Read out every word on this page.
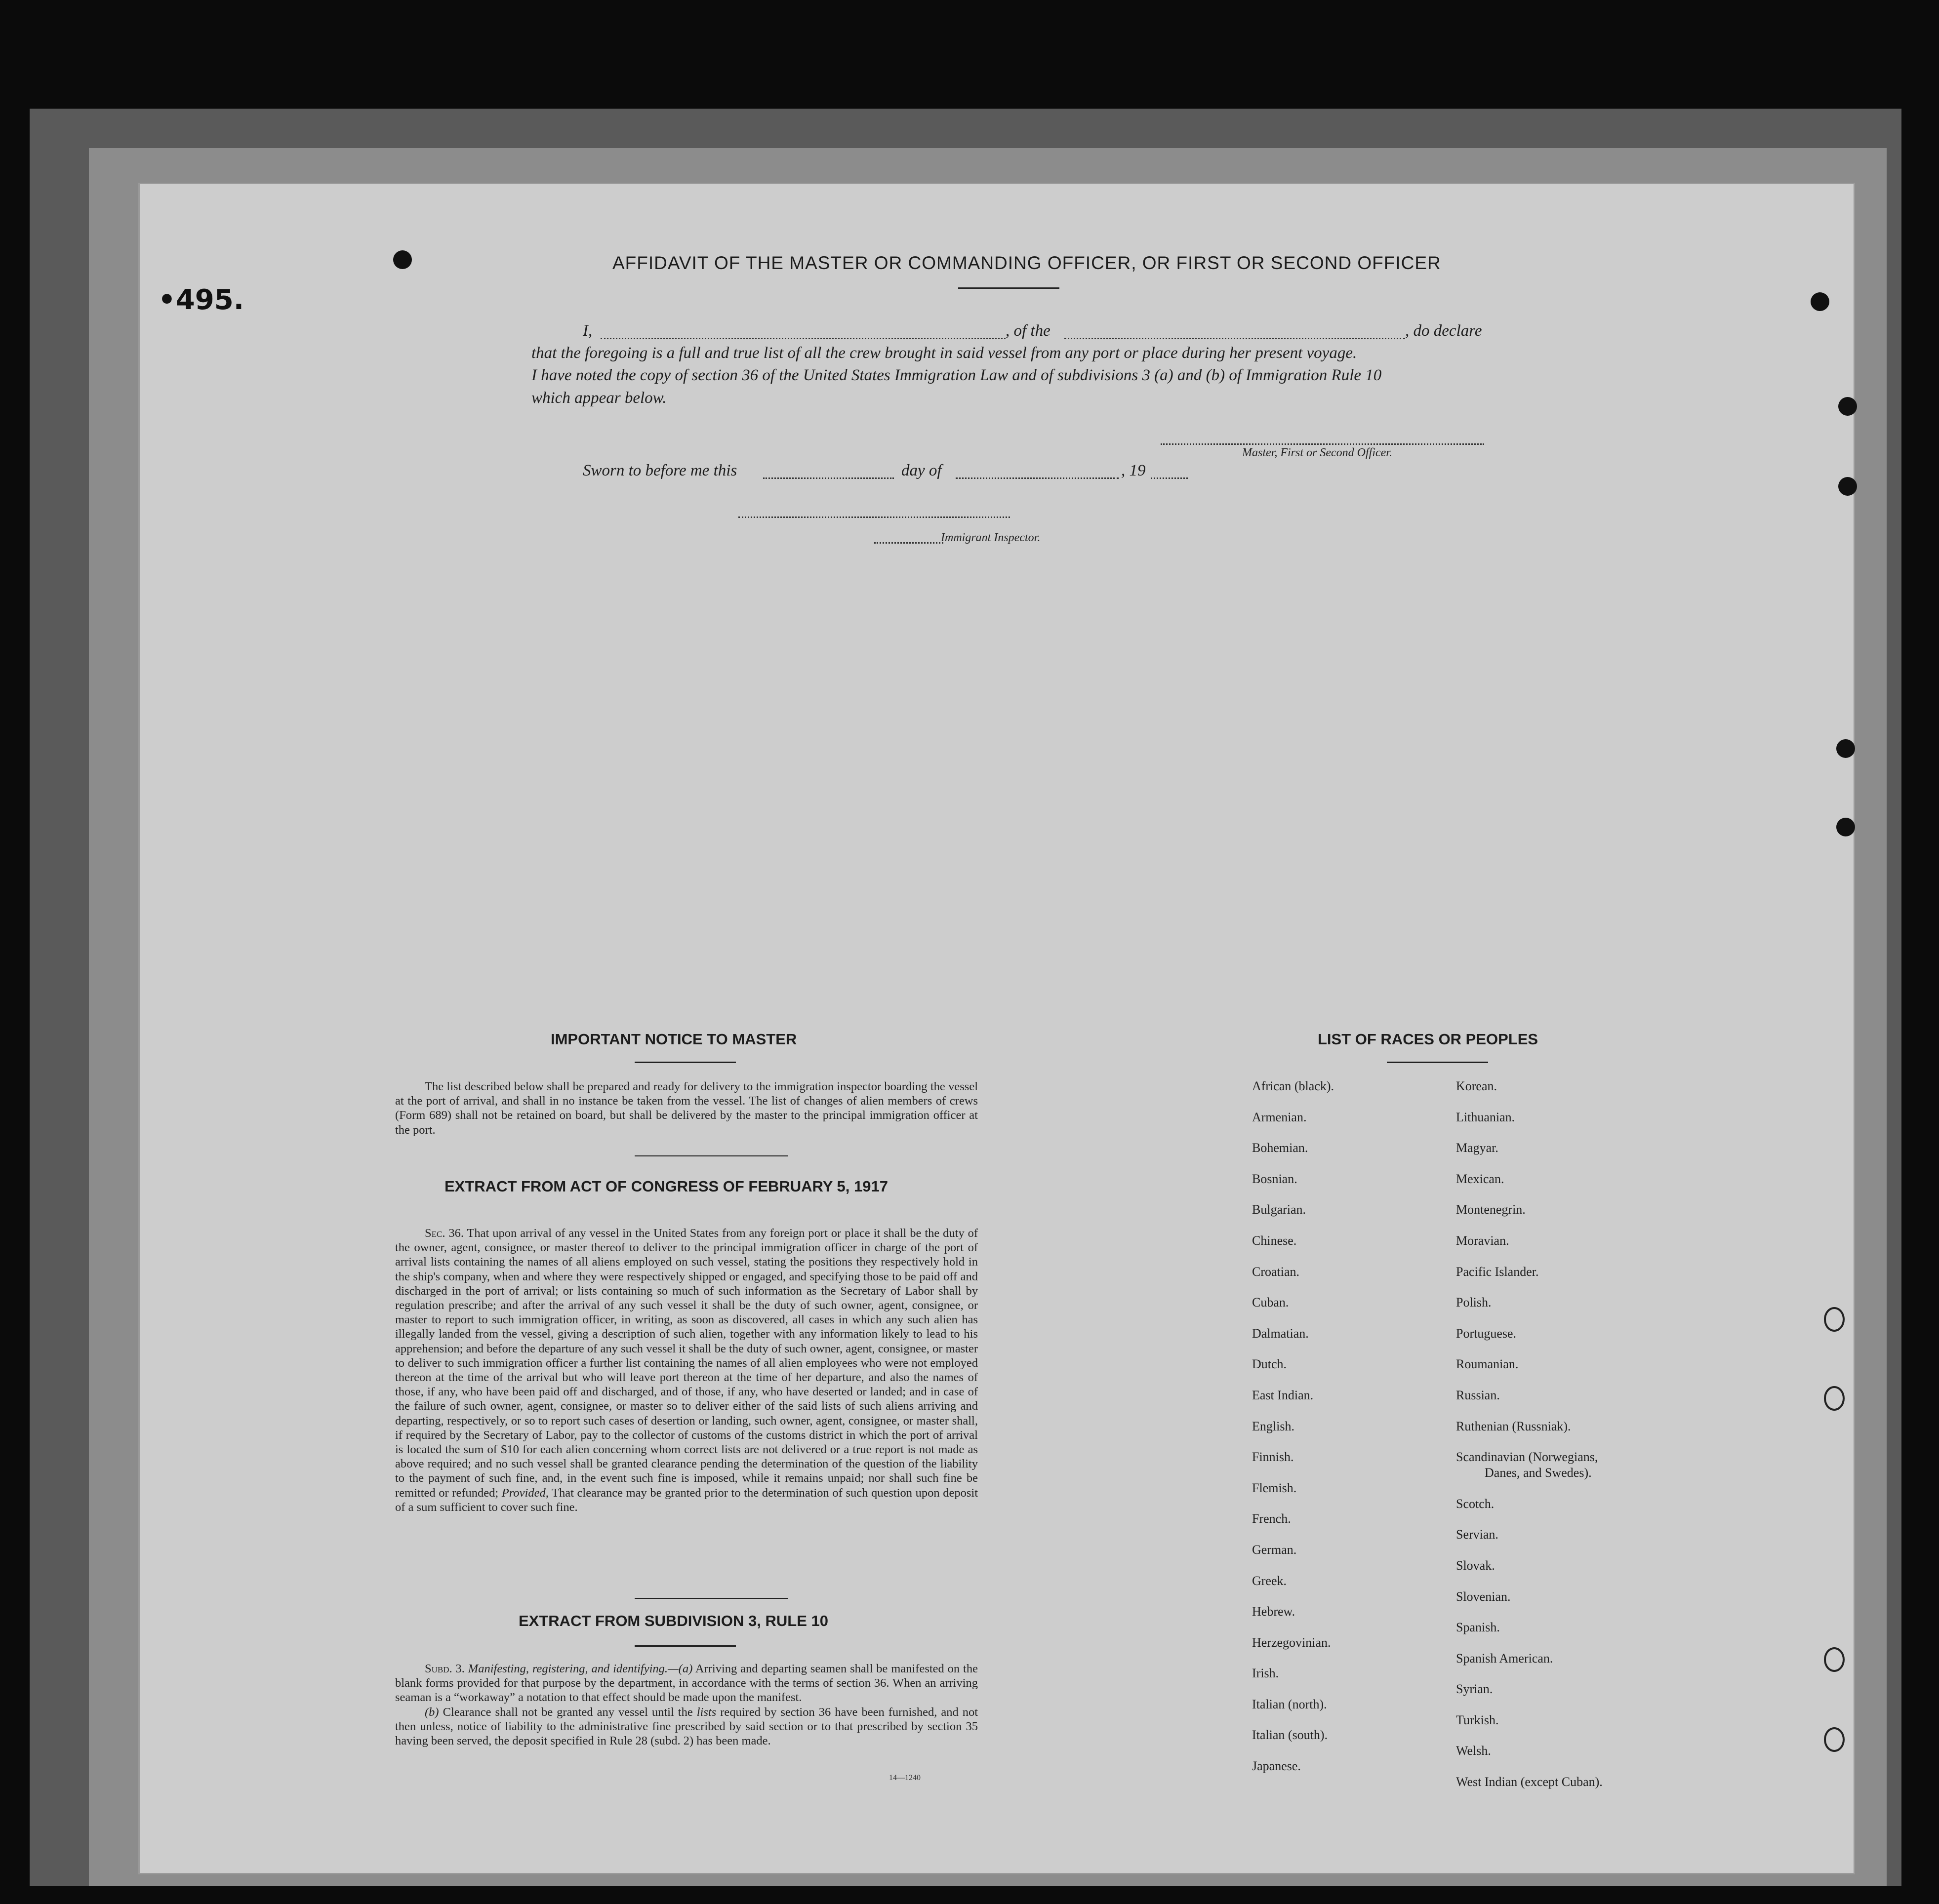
•495.
AFFIDAVIT OF THE MASTER OR COMMANDING OFFICER, OR FIRST OR SECOND OFFICER
I,	, of the	, do declare
that the foregoing is a full and true list of all the crew brought in said vessel from any port or place during her present voyage.
I have noted the copy of section 36 of the United States Immigration Law and of subdivisions 3 (a) and (b) of Immigration Rule 10
which appear below.
Master, First or Second Officer.
Sworn to before me this	day of	, 19
Immigrant Inspector.
IMPORTANT NOTICE TO MASTER

The list described below shall be prepared and ready for delivery to the immigration inspector boarding the vessel at the port of arrival, and shall in no instance be taken from the vessel. The list of changes of alien members of crews (Form 689) shall not be retained on board, but shall be delivered by the master to the principal immigration officer at the port.

EXTRACT FROM ACT OF CONGRESS OF FEBRUARY 5, 1917

Sec. 36. That upon arrival of any vessel in the United States from any foreign port or place it shall be the duty of the owner, agent, consignee, or master thereof to deliver to the principal immigration officer in charge of the port of arrival lists containing the names of all aliens employed on such vessel, stating the positions they respectively hold in the ship's company, when and where they were respectively shipped or engaged, and specifying those to be paid off and discharged in the port of arrival; or lists containing so much of such information as the Secretary of Labor shall by regulation prescribe; and after the arrival of any such vessel it shall be the duty of such owner, agent, consignee, or master to report to such immigration officer, in writing, as soon as discovered, all cases in which any such alien has illegally landed from the vessel, giving a description of such alien, together with any information likely to lead to his apprehension; and before the departure of any such vessel it shall be the duty of such owner, agent, consignee, or master to deliver to such immigration officer a further list containing the names of all alien employees who were not employed thereon at the time of the arrival but who will leave port thereon at the time of her departure, and also the names of those, if any, who have been paid off and discharged, and of those, if any, who have deserted or landed; and in case of the failure of such owner, agent, consignee, or master so to deliver either of the said lists of such aliens arriving and departing, respectively, or so to report such cases of desertion or landing, such owner, agent, consignee, or master shall, if required by the Secretary of Labor, pay to the collector of customs of the customs district in which the port of arrival is located the sum of $10 for each alien concerning whom correct lists are not delivered or a true report is not made as above required; and no such vessel shall be granted clearance pending the determination of the question of the liability to the payment of such fine, and, in the event such fine is imposed, while it remains unpaid; nor shall such fine be remitted or refunded; Provided, That clearance may be granted prior to the determination of such question upon deposit of a sum sufficient to cover such fine.

EXTRACT FROM SUBDIVISION 3, RULE 10

Subd. 3. Manifesting, registering, and identifying.—(a) Arriving and departing seamen shall be manifested on the blank forms provided for that purpose by the department, in accordance with the terms of section 36. When an arriving seaman is a “workaway” a notation to that effect should be made upon the manifest.
(b) Clearance shall not be granted any vessel until the lists required by section 36 have been furnished, and not then unless, notice of liability to the administrative fine prescribed by said section or to that prescribed by section 35 having been served, the deposit specified in Rule 28 (subd. 2) has been made.

14—1240
LIST OF RACES OR PEOPLES
African (black).
Armenian.
Bohemian.
Bosnian.
Bulgarian.
Chinese.
Croatian.
Cuban.
Dalmatian.
Dutch.
East Indian.
English.
Finnish.
Flemish.
French.
German.
Greek.
Hebrew.
Herzegovinian.
Irish.
Italian (north).
Italian (south).
Japanese.
Korean.
Lithuanian.
Magyar.
Mexican.
Montenegrin.
Moravian.
Pacific Islander.
Polish.
Portuguese.
Roumanian.
Russian.
Ruthenian (Russniak).
Scandinavian (Norwegians,
Danes, and Swedes).
Scotch.
Servian.
Slovak.
Slovenian.
Spanish.
Spanish American.
Syrian.
Turkish.
Welsh.
West Indian (except Cuban).
